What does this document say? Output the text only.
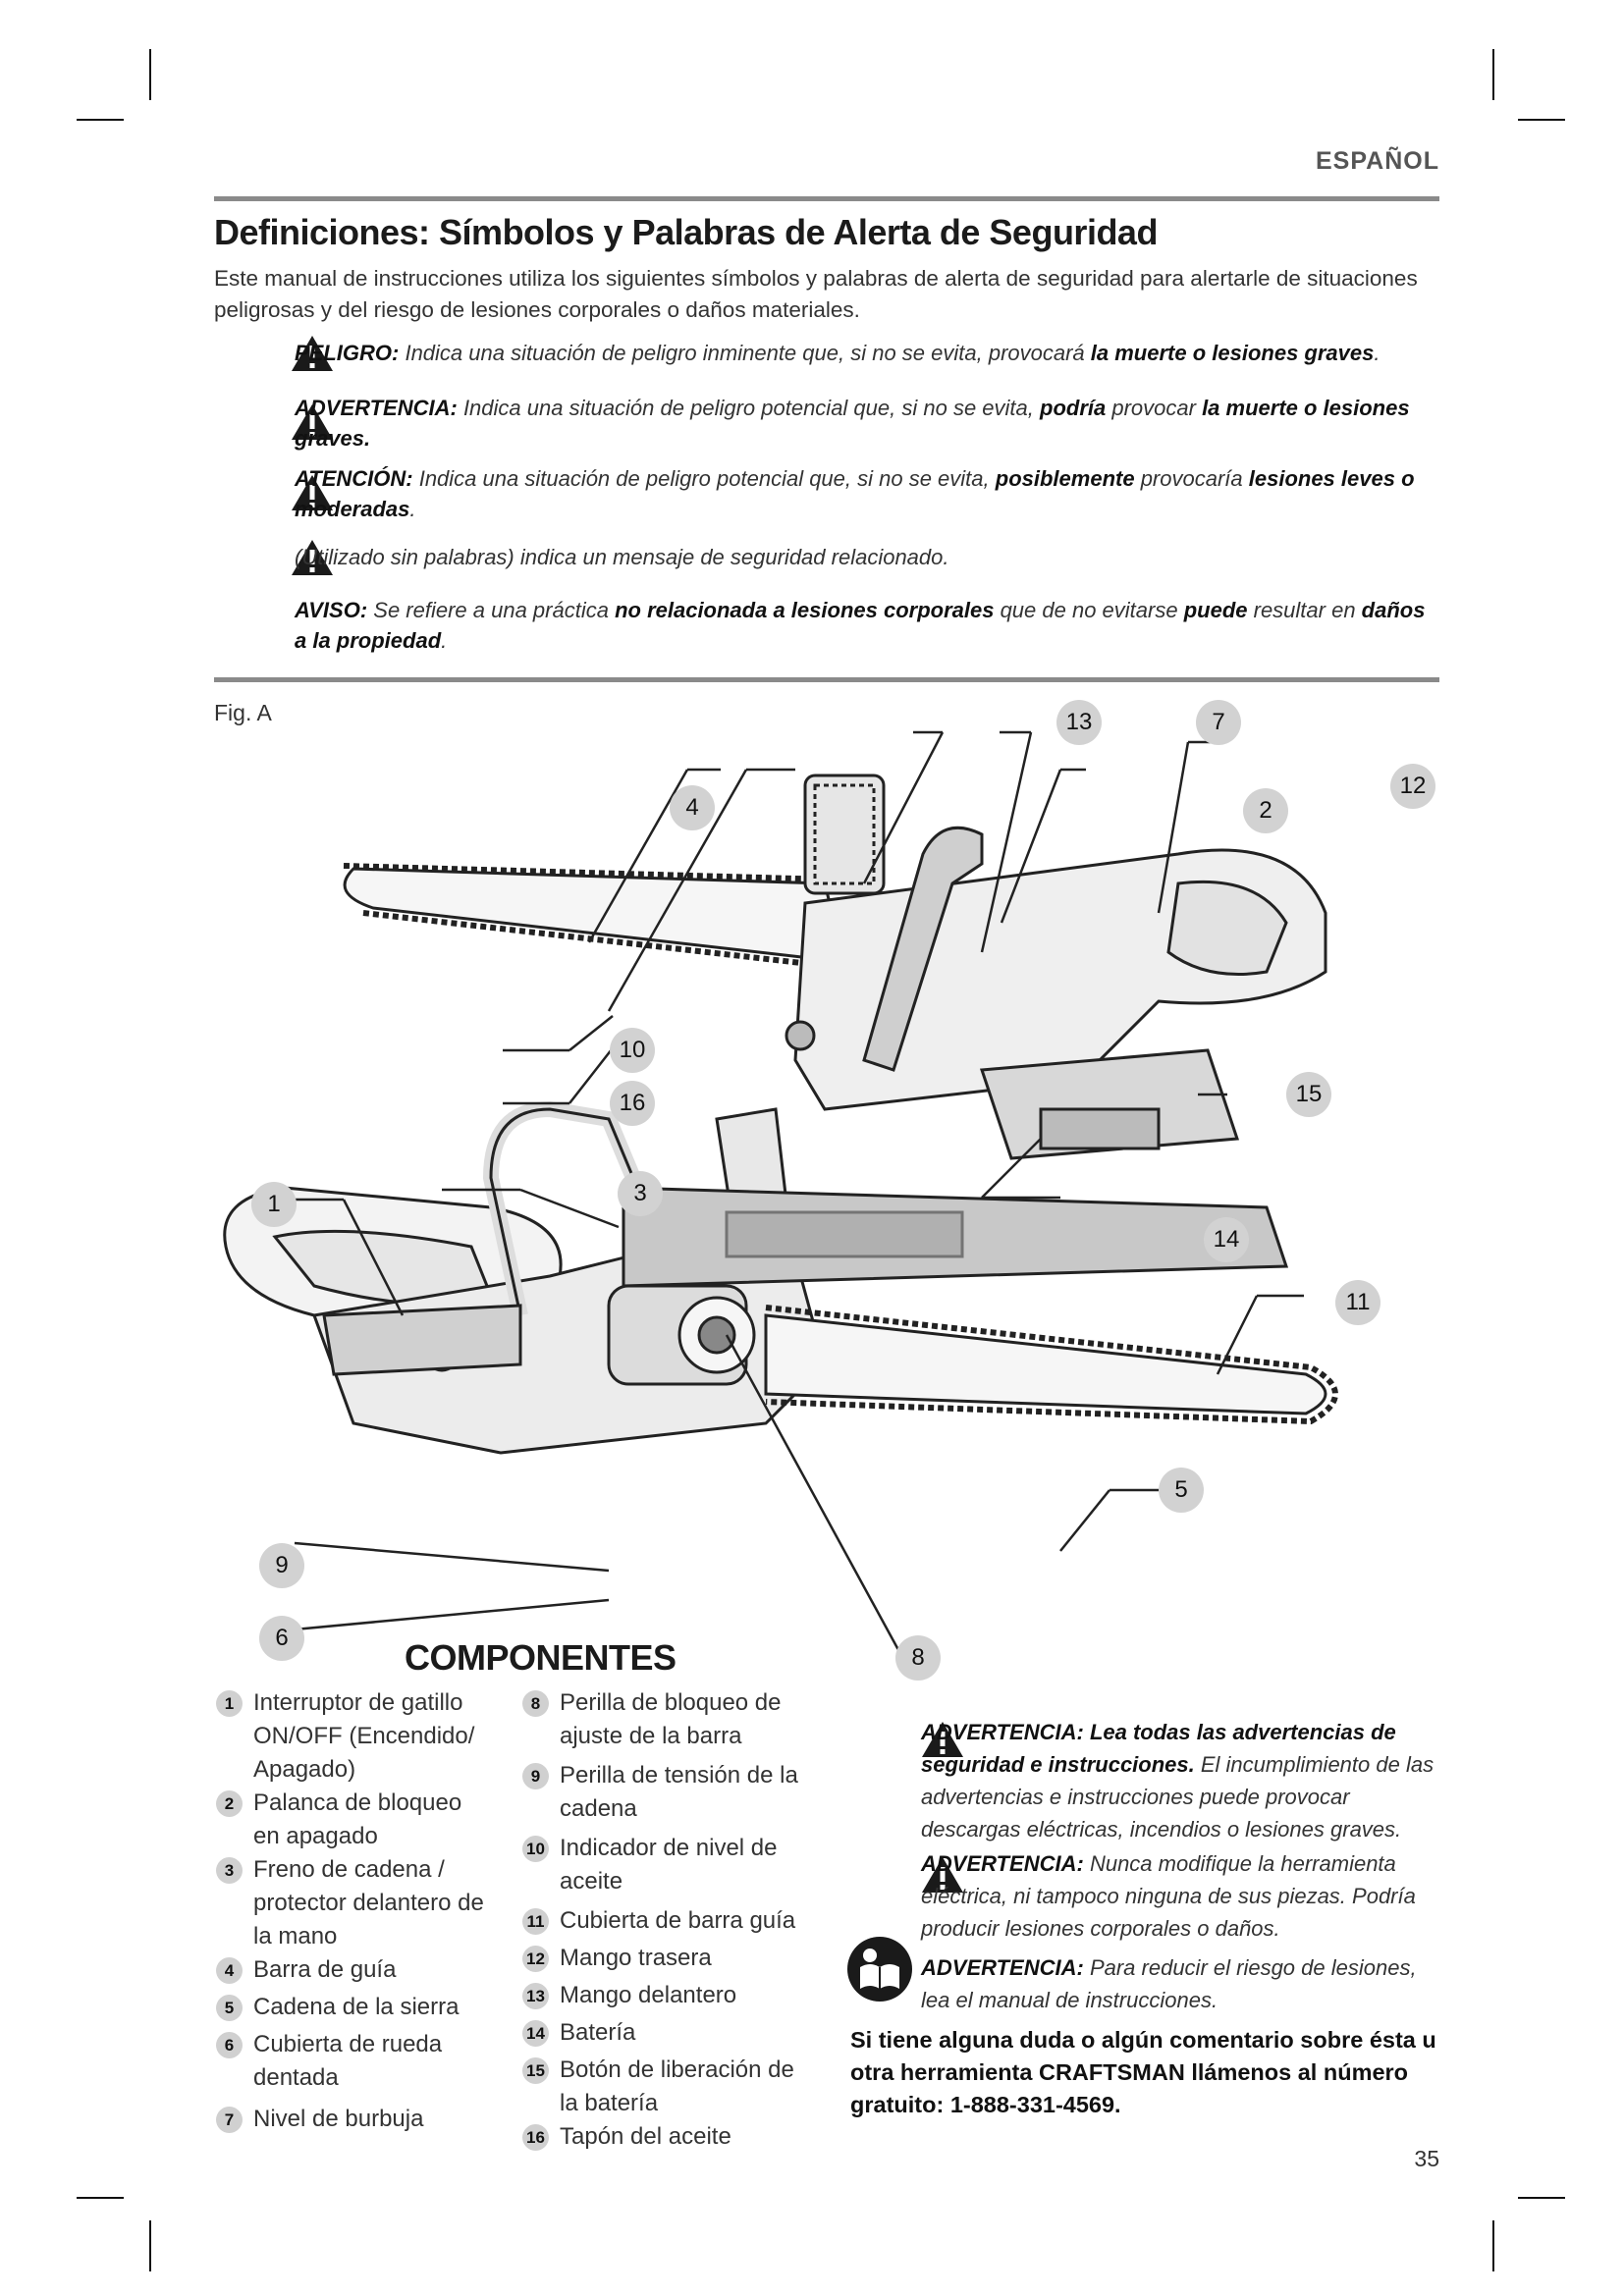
ESPAÑOL
Definiciones: Símbolos y Palabras de Alerta de Seguridad
Este manual de instrucciones utiliza los siguientes símbolos y palabras de alerta de seguridad para alertarle de situaciones peligrosas y del riesgo de lesiones corporales o daños materiales.
PELIGRO: Indica una situación de peligro inminente que, si no se evita, provocará la muerte o lesiones graves.
ADVERTENCIA: Indica una situación de peligro potencial que, si no se evita, podría provocar la muerte o lesiones graves.
ATENCIÓN: Indica una situación de peligro potencial que, si no se evita, posiblemente provocaría lesiones leves o moderadas.
(Utilizado sin palabras) indica un mensaje de seguridad relacionado.
AVISO: Se refiere a una práctica no relacionada a lesiones corporales que de no evitarse puede resultar en daños a la propiedad.
Fig. A	13	7
12
4	2
10
16	15
1	3
14
11
5
9
6
8
COMPONENTES
1 Interruptor de gatillo ON/OFF (Encendido/ Apagado)
2 Palanca de bloqueo en apagado
3 Freno de cadena / protector delantero de la mano
4 Barra de guía
5 Cadena de la sierra
6 Cubierta de rueda dentada
7 Nivel de burbuja
8 Perilla de bloqueo de ajuste de la barra
9 Perilla de tensión de la cadena
10 Indicador de nivel de aceite
11 Cubierta de barra guía
12 Mango trasera
13 Mango delantero
14 Batería
15 Botón de liberación de la batería
16 Tapón del aceite
ADVERTENCIA: Lea todas las advertencias de seguridad e instrucciones. El incumplimiento de las advertencias e instrucciones puede provocar descargas eléctricas, incendios o lesiones graves.
ADVERTENCIA: Nunca modifique la herramienta eléctrica, ni tampoco ninguna de sus piezas. Podría producir lesiones corporales o daños.
ADVERTENCIA: Para reducir el riesgo de lesiones, lea el manual de instrucciones.
Si tiene alguna duda o algún comentario sobre ésta u otra herramienta CRAFTSMAN llámenos al número gratuito: 1-888-331-4569.
35
